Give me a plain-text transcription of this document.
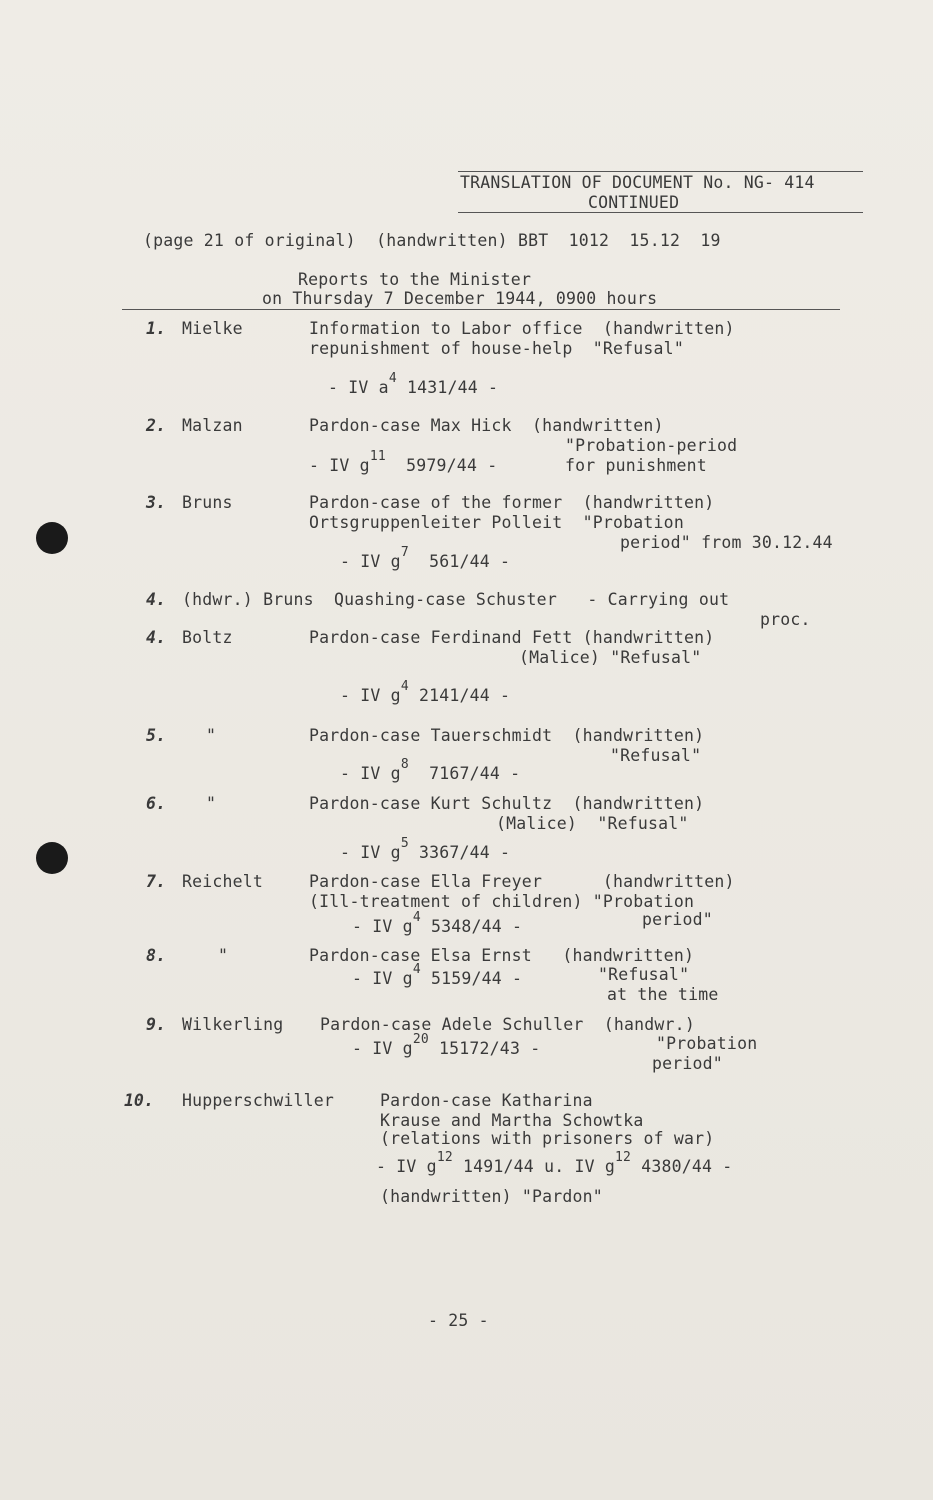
TRANSLATION OF DOCUMENT No. NG- 414
CONTINUED
(page 21 of original)  (handwritten) BBT  1012  15.12  19
Reports to the Minister
on Thursday 7 December 1944, 0900 hours
1. Mielke	Information to Labor office  (handwritten)
repunishment of house-help  "Refusal"
- IV $a^4$ 1431/44 -
2. Malzan	Pardon-case Max Hick  (handwritten)
"Probation-period
for punishment
- IV $g^{11}$  5979/44 -
3. Bruns	Pardon-case of the former  (handwritten)
Ortsgruppenleiter Polleit  "Probation
period" from 30.12.44
- IV $g^7$  561/44 -
4. (hdwr.) Bruns  Quashing-case Schuster   - Carrying out
proc.
4. Boltz	Pardon-case Ferdinand Fett (handwritten)
(Malice) "Refusal"
- IV $g^4$ 2141/44 -
5. "	Pardon-case Tauerschmidt  (handwritten)
"Refusal"
- IV $g^8$  7167/44 -
6. "	Pardon-case Kurt Schultz  (handwritten)
(Malice)  "Refusal"
- IV $g^5$ 3367/44 -
7. Reichelt	Pardon-case Ella Freyer      (handwritten)
(Ill-treatment of children) "Probation
period"
- IV $g^4$ 5348/44 -
8.	"	Pardon-case Elsa Ernst   (handwritten)
"Refusal"
at the time
- IV $g^4$ 5159/44 -
9. Wilkerling Pardon-case Adele Schuller  (handwr.)
"Probation
period"
- IV $g^{20}$ 15172/43 -
10. Hupperschwiller	Pardon-case Katharina
Krause and Martha Schowtka
(relations with prisoners of war)
- IV $g^{12}$ 1491/44 u. IV $g^{12}$ 4380/44 -
(handwritten) "Pardon"
- 25 -
